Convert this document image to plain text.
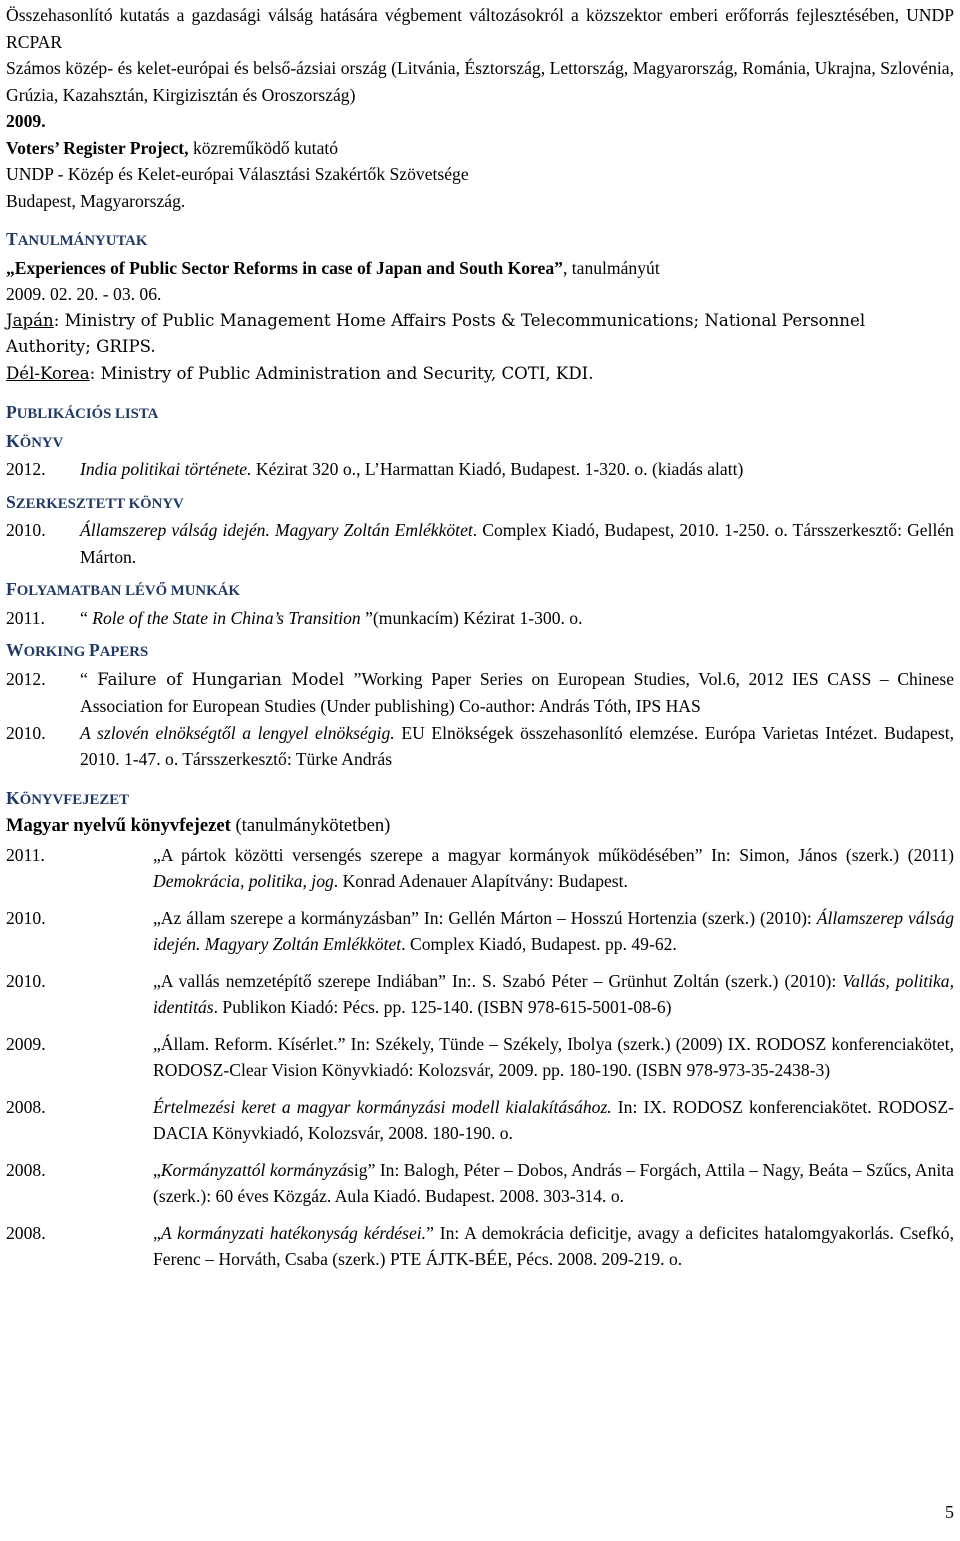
Összehasonlító kutatás a gazdasági válság hatására végbement változásokról a közszektor emberi erőforrás fejlesztésében, UNDP RCPAR

Számos közép- és kelet-európai és belső-ázsiai ország (Litvánia, Észtország, Lettország, Magyarország, Románia, Ukrajna, Szlovénia, Grúzia, Kazahsztán, Kirgizisztán és Oroszország)

2009.

Voters’ Register Project, közreműködő kutató

UNDP - Közép és Kelet-európai Választási Szakértők Szövetsége

Budapest, Magyarország.

TANULMÁNYUTAK

„Experiences of Public Sector Reforms in case of Japan and South Korea”, tanulmányút

2009. 02. 20. - 03. 06.

Japán: Ministry of Public Management Home Affairs Posts & Telecommunications; National Personnel Authority; GRIPS.

Dél-Korea: Ministry of Public Administration and Security, COTI, KDI.

PUBLIKÁCIÓS LISTA

KÖNYV

2012.	India politikai története. Kézirat 320 o., L’Harmattan Kiadó, Budapest. 1-320. o. (kiadás alatt)

SZERKESZTETT KÖNYV

2010.	Államszerep válság idején. Magyary Zoltán Emlékkötet. Complex Kiadó, Budapest, 2010. 1-250. o. Társszerkesztő: Gellén Márton.

FOLYAMATBAN LÉVŐ MUNKÁK

2011.	“ Role of the State in China’s Transition ”(munkacím) Kézirat 1-300. o.

WORKING PAPERS

2012.	“ Failure of Hungarian Model ”Working Paper Series on European Studies, Vol.6, 2012 IES CASS – Chinese Association for European Studies (Under publishing) Co-author: András Tóth, IPS HAS
2010.	A szlovén elnökségtől a lengyel elnökségig. EU Elnökségek összehasonlító elemzése. Európa Varietas Intézet. Budapest, 2010. 1-47. o. Társszerkesztő: Türke András

KÖNYVFEJEZET

Magyar nyelvű könyvfejezet (tanulmánykötetben)

2011.	„A pártok közötti versengés szerepe a magyar kormányok működésében” In: Simon, János (szerk.) (2011) Demokrácia, politika, jog. Konrad Adenauer Alapítvány: Budapest.
2010.	„Az állam szerepe a kormányzásban” In: Gellén Márton – Hosszú Hortenzia (szerk.) (2010): Államszerep válság idején. Magyary Zoltán Emlékkötet. Complex Kiadó, Budapest. pp. 49-62.
2010.	„A vallás nemzetépítő szerepe Indiában” In:. S. Szabó Péter – Grünhut Zoltán (szerk.) (2010): Vallás, politika, identitás. Publikon Kiadó: Pécs. pp. 125-140. (ISBN 978-615-5001-08-6)
2009.	„Állam. Reform. Kísérlet.” In: Székely, Tünde – Székely, Ibolya (szerk.) (2009) IX. RODOSZ konferenciakötet, RODOSZ-Clear Vision Könyvkiadó: Kolozsvár, 2009. pp. 180-190. (ISBN 978-973-35-2438-3)
2008.	Értelmezési keret a magyar kormányzási modell kialakításához. In: IX. RODOSZ konferenciakötet. RODOSZ-DACIA Könyvkiadó, Kolozsvár, 2008. 180-190. o.
2008.	„Kormányzattól kormányzásig” In: Balogh, Péter – Dobos, András – Forgách, Attila – Nagy, Beáta – Szűcs, Anita (szerk.): 60 éves Közgáz. Aula Kiadó. Budapest. 2008. 303-314. o.
2008.	„A kormányzati hatékonyság kérdései.” In: A demokrácia deficitje, avagy a deficites hatalomgyakorlás. Csefkó, Ferenc – Horváth, Csaba (szerk.) PTE ÁJTK-BÉE, Pécs. 2008. 209-219. o.
5
